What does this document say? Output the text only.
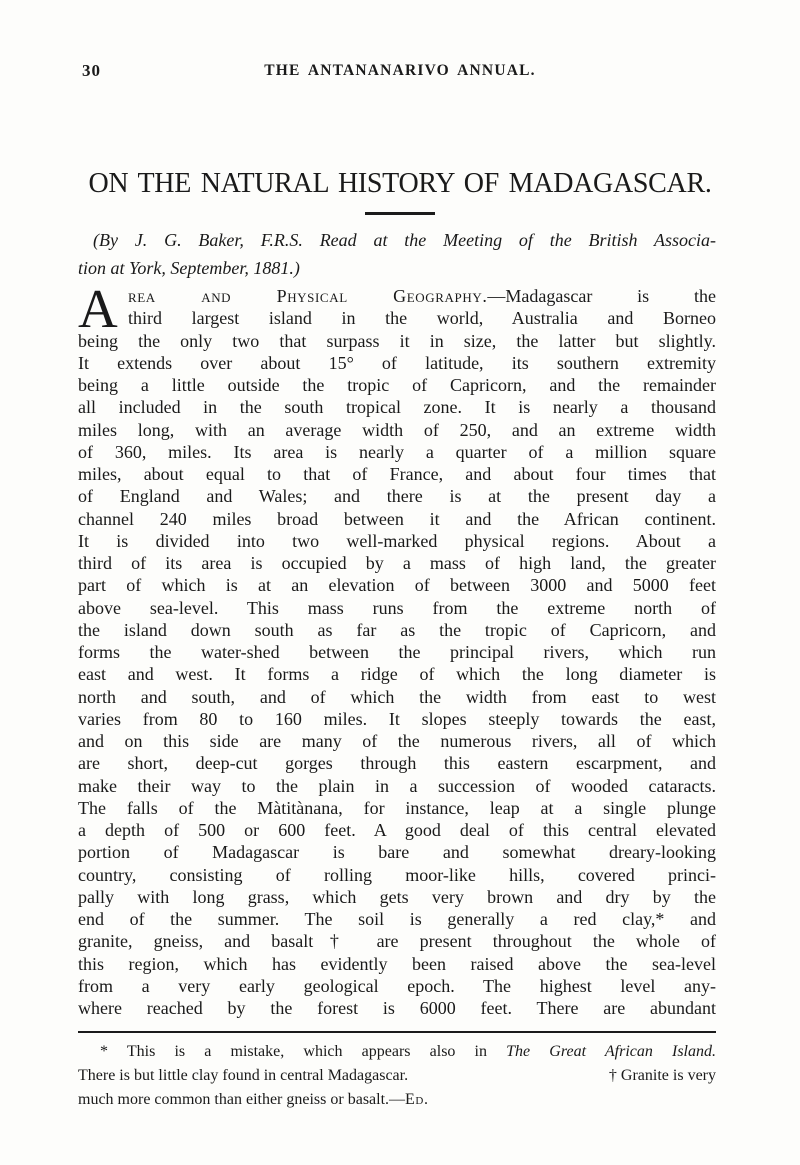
30	THE ANTANANARIVO ANNUAL.
ON THE NATURAL HISTORY OF MADAGASCAR.
(By J. G. Baker, F.R.S. Read at the Meeting of the British Associa-
tion at York, September, 1881.)
A rea and Physical Geography.—Madagascar is the
third largest island in the world, Australia and Borneo
being the only two that surpass it in size, the latter but slightly.
It extends over about 15° of latitude, its southern extremity
being a little outside the tropic of Capricorn, and the remainder
all included in the south tropical zone. It is nearly a thousand
miles long, with an average width of 250, and an extreme width
of 360, miles. Its area is nearly a quarter of a million square
miles, about equal to that of France, and about four times that
of England and Wales; and there is at the present day a
channel 240 miles broad between it and the African continent.
It is divided into two well-marked physical regions. About a
third of its area is occupied by a mass of high land, the greater
part of which is at an elevation of between 3000 and 5000 feet
above sea-level. This mass runs from the extreme north of
the island down south as far as the tropic of Capricorn, and
forms the water-shed between the principal rivers, which run
east and west. It forms a ridge of which the long diameter is
north and south, and of which the width from east to west
varies from 80 to 160 miles. It slopes steeply towards the east,
and on this side are many of the numerous rivers, all of which
are short, deep-cut gorges through this eastern escarpment, and
make their way to the plain in a succession of wooded cataracts.
The falls of the Màtitànana, for instance, leap at a single plunge
a depth of 500 or 600 feet. A good deal of this central elevated
portion of Madagascar is bare and somewhat dreary-looking
country, consisting of rolling moor-like hills, covered princi-
pally with long grass, which gets very brown and dry by the
end of the summer. The soil is generally a red clay,* and
granite, gneiss, and basalt† are present throughout the whole of
this region, which has evidently been raised above the sea-level
from a very early geological epoch. The highest level any-
where reached by the forest is 6000 feet. There are abundant
* This is a mistake, which appears also in The Great African Island.
There is but little clay found in central Madagascar.	† Granite is very
much more common than either gneiss or basalt.—Ed.
